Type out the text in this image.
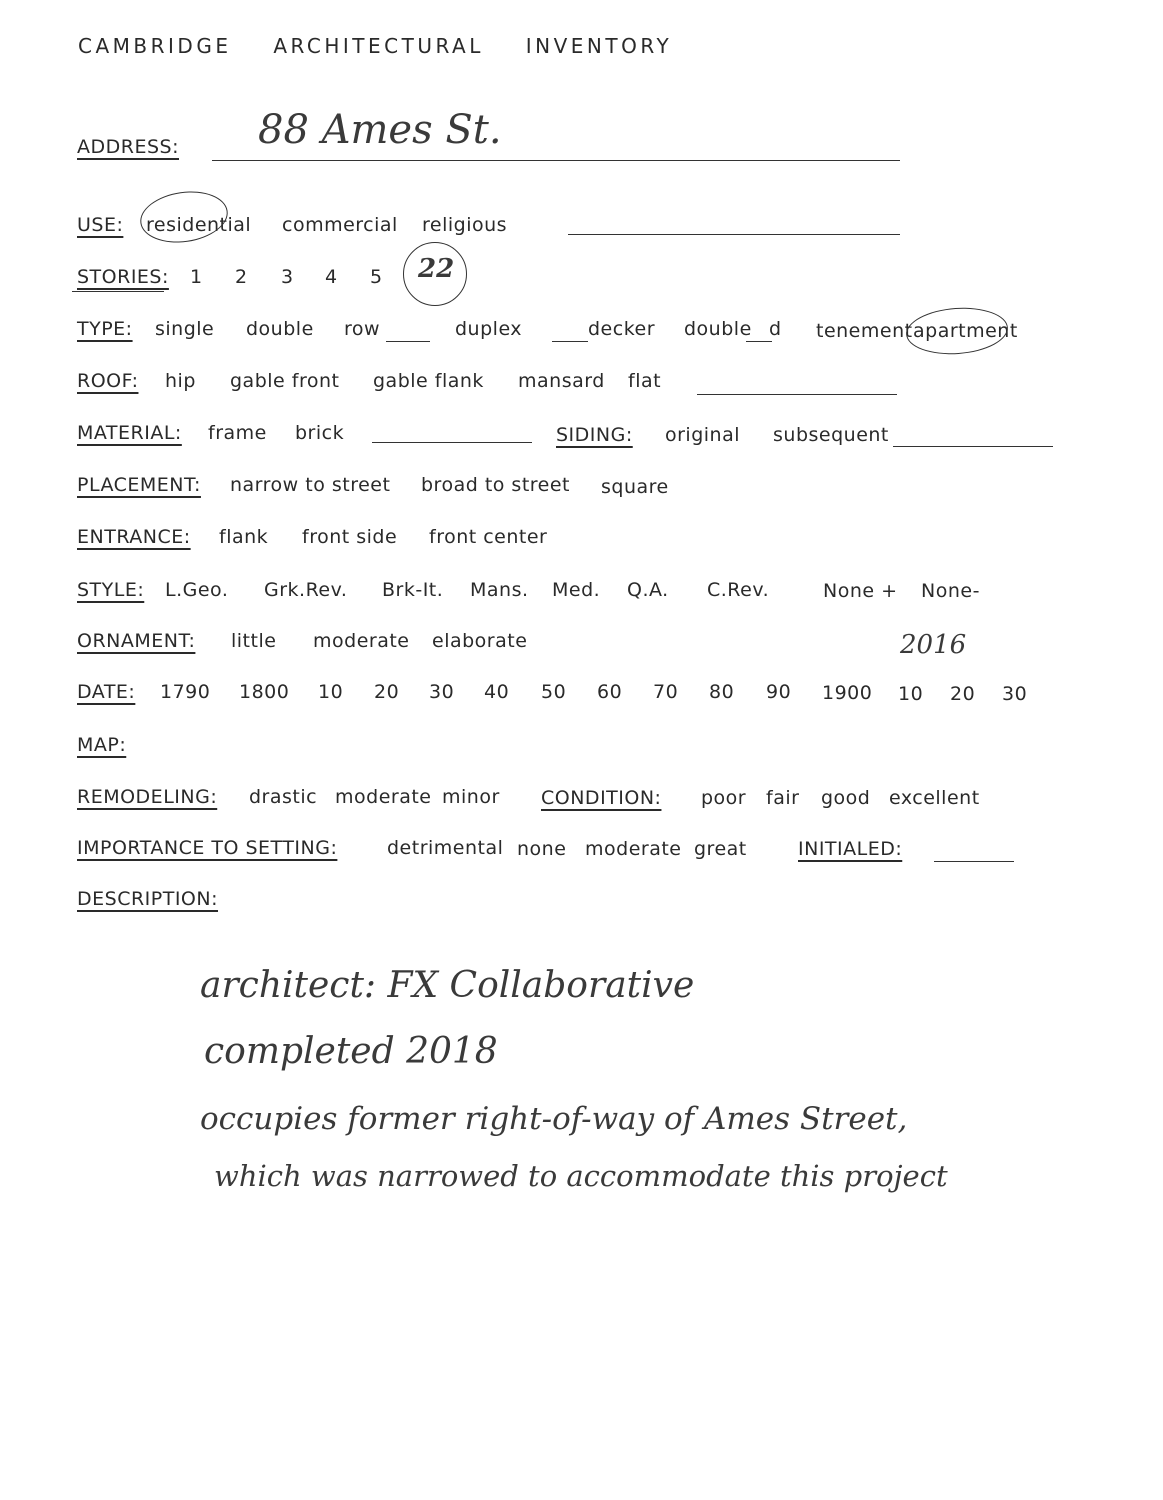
CAMBRIDGE ARCHITECTURAL INVENTORY
ADDRESS: 88 Ames St.
USE: residential commercial religious
STORIES: 1 2 3 4 5 22
TYPE: single double row	duplex	decker double d tenement apartment
ROOF: hip gable front gable flank mansard flat
MATERIAL: frame brick	SIDING: original subsequent
PLACEMENT: narrow to street broad to street square
ENTRANCE: flank front side front center
STYLE: L.Geo. Grk.Rev. Brk-It. Mans. Med. Q.A. C.Rev.	None + None-
ORNAMENT: little moderate elaborate	2016
DATE: 1790 1800 10 20 30 40 50 60 70 80 90 1900 10 20 30
MAP:
REMODELING: drastic moderate minor CONDITION: poor fair good excellent
IMPORTANCE TO SETTING:	detrimental none moderate great	INITIALED:
DESCRIPTION:
architect: FX Collaborative
completed 2018
occupies former right-of-way of Ames Street,
which was narrowed to accommodate this project
